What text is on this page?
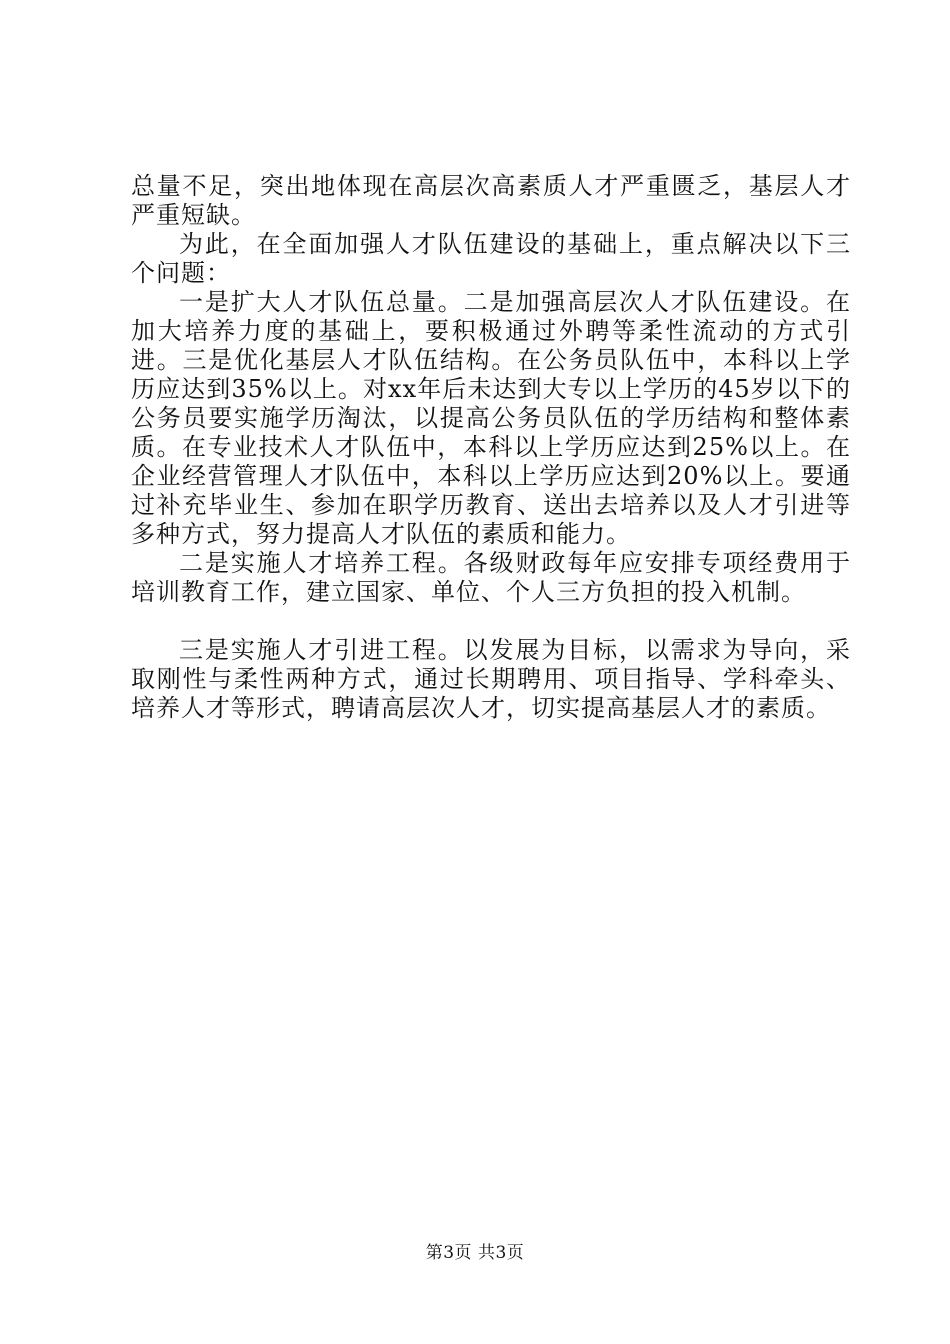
总量不足，突出地体现在高层次高素质人才严重匮乏，基层人才严重短缺。

为此，在全面加强人才队伍建设的基础上，重点解决以下三个问题：

一是扩大人才队伍总量。二是加强高层次人才队伍建设。在加大培养力度的基础上，要积极通过外聘等柔性流动的方式引进。三是优化基层人才队伍结构。在公务员队伍中，本科以上学历应达到35%以上。对xx年后未达到大专以上学历的45岁以下的公务员要实施学历淘汰，以提高公务员队伍的学历结构和整体素质。在专业技术人才队伍中，本科以上学历应达到25%以上。在企业经营管理人才队伍中，本科以上学历应达到20%以上。要通过补充毕业生、参加在职学历教育、送出去培养以及人才引进等多种方式，努力提高人才队伍的素质和能力。

二是实施人才培养工程。各级财政每年应安排专项经费用于培训教育工作，建立国家、单位、个人三方负担的投入机制。

三是实施人才引进工程。以发展为目标，以需求为导向，采取刚性与柔性两种方式，通过长期聘用、项目指导、学科牵头、培养人才等形式，聘请高层次人才，切实提高基层人才的素质。

第3页 共3页
